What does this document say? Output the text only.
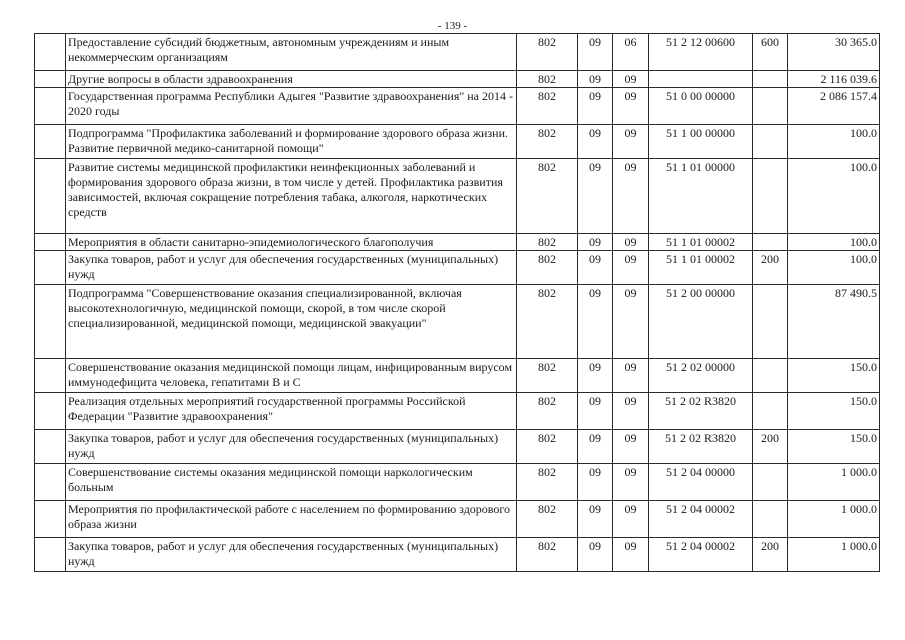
- 139 -
	Предоставление субсидий бюджетным, автономным учреждениям и иным некоммерческим организациям	802	09	06	51 2 12 00600	600	30 365.0
	Другие вопросы в области здравоохранения	802	09	09			2 116 039.6
	Государственная программа Республики Адыгея "Развитие здравоохранения" на 2014 - 2020 годы	802	09	09	51 0 00 00000		2 086 157.4
	Подпрограмма "Профилактика заболеваний и формирование здорового образа жизни. Развитие первичной медико-санитарной помощи"	802	09	09	51 1 00 00000		100.0
	Развитие системы медицинской профилактики неинфекционных заболеваний и формирования здорового образа жизни, в том числе у детей. Профилактика развития зависимостей, включая сокращение потребления табака, алкоголя, наркотических средств	802	09	09	51 1 01 00000		100.0
	Мероприятия в области санитарно-эпидемиологического благополучия	802	09	09	51 1 01 00002		100.0
	Закупка товаров, работ и услуг для обеспечения государственных (муниципальных) нужд	802	09	09	51 1 01 00002	200	100.0
	Подпрограмма "Совершенствование оказания специализированной, включая высокотехнологичную, медицинской помощи, скорой, в том числе скорой специализированной, медицинской помощи, медицинской эвакуации"	802	09	09	51 2 00 00000		87 490.5
	Совершенствование оказания медицинской помощи лицам, инфицированным вирусом иммунодефицита человека, гепатитами В и С	802	09	09	51 2 02 00000		150.0
	Реализация отдельных мероприятий государственной программы Российской Федерации "Развитие здравоохранения"	802	09	09	51 2 02 R3820		150.0
	Закупка товаров, работ и услуг для обеспечения государственных (муниципальных) нужд	802	09	09	51 2 02 R3820	200	150.0
	Совершенствование системы оказания медицинской помощи наркологическим больным	802	09	09	51 2 04 00000		1 000.0
	Мероприятия по профилактической работе с населением по формированию здорового образа жизни	802	09	09	51 2 04 00002		1 000.0
	Закупка товаров, работ и услуг для обеспечения государственных (муниципальных) нужд	802	09	09	51 2 04 00002	200	1 000.0
